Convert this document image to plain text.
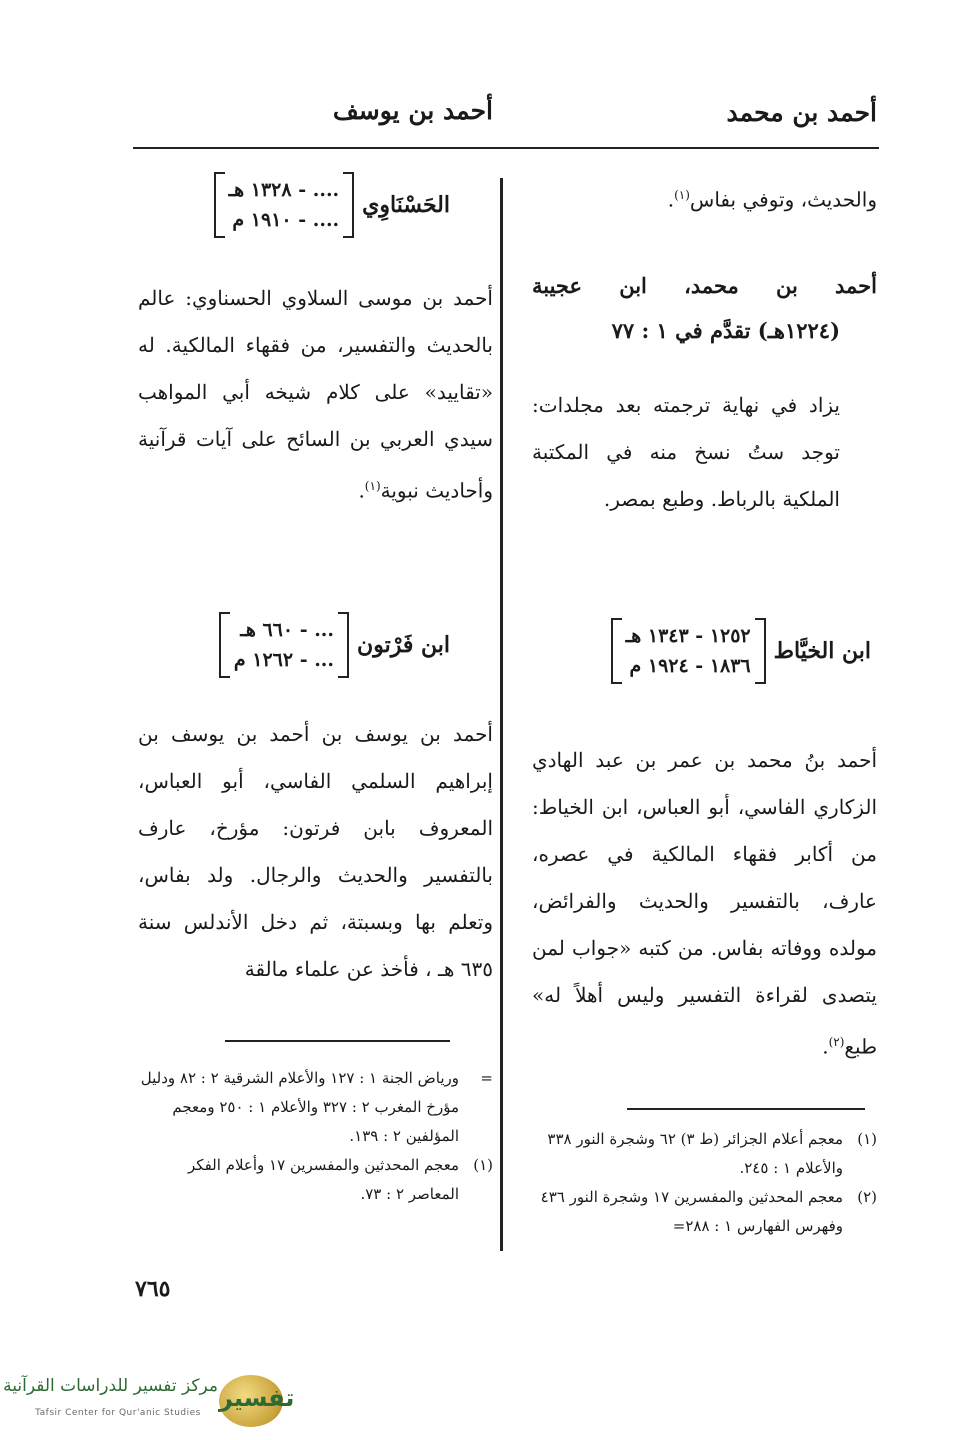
أحمد بن محمد
أحمد بن يوسف
والحديث، وتوفي بفاس$^{(١)}$.
أحمد بن محمد، ابن عجيبة
(١٢٢٤هـ) تقدَّم في ١ : ٧٧
يزاد في نهاية ترجمته بعد مجلدات: توجد ستُ نسخ منه في المكتبة الملكية بالرباط. وطبع بمصر.
ابن الخيَّاط
١٢٥٢ - ١٣٤٣ هـ
١٨٣٦ - ١٩٢٤ م
أحمد بنُ محمد بن عمر بن عبد الهادي الزكاري الفاسي، أبو العباس، ابن الخياط: من أكابر فقهاء المالكية في عصره، عارف، بالتفسير والحديث والفرائض، مولده ووفاته بفاس. من كتبه «جواب لمن يتصدى لقراءة التفسير وليس أهلاً له» طبع$^{(٢)}$.
(١)
معجم أعلام الجزائر (ط ٣) ٦٢ وشجرة النور ٣٣٨ والأعلام ١ : ٢٤٥.
(٢)
معجم المحدثين والمفسرين ١٧ وشجرة النور ٤٣٦ وفهرس الفهارس ١ : ٢٨٨=
الحَسْنَاوِي
.... - ١٣٢٨ هـ
.... - ١٩١٠ م
أحمد بن موسى السلاوي الحسناوي: عالم بالحديث والتفسير، من فقهاء المالكية. له «تقاييد» على كلام شيخه أبي المواهب سيدي العربي بن السائح على آيات قرآنية وأحاديث نبوية$^{(١)}$.
ابن فَرْتون
... - ٦٦٠ هـ
... - ١٢٦٢ م
أحمد بن يوسف بن أحمد بن يوسف بن إبراهيم السلمي الفاسي، أبو العباس، المعروف بابن فرتون: مؤرخ، عارف بالتفسير والحديث والرجال. ولد بفاس، وتعلم بها وبسبتة، ثم دخل الأندلس سنة ٦٣٥ هـ ، فأخذ عن علماء مالقة
=
ورياض الجنة ١ : ١٢٧ والأعلام الشرقية ٢ : ٨٢ ودليل مؤرخ المغرب ٢ : ٣٢٧ والأعلام ١ : ٢٥٠ ومعجم المؤلفين ٢ : ١٣٩.
(١)
معجم المحدثين والمفسرين ١٧ وأعلام الفكر المعاصر ٢ : ٧٣.
٧٦٥
تفسير
مركز تفسير للدراسات القرآنية
Tafsir Center for Qur'anic Studies
